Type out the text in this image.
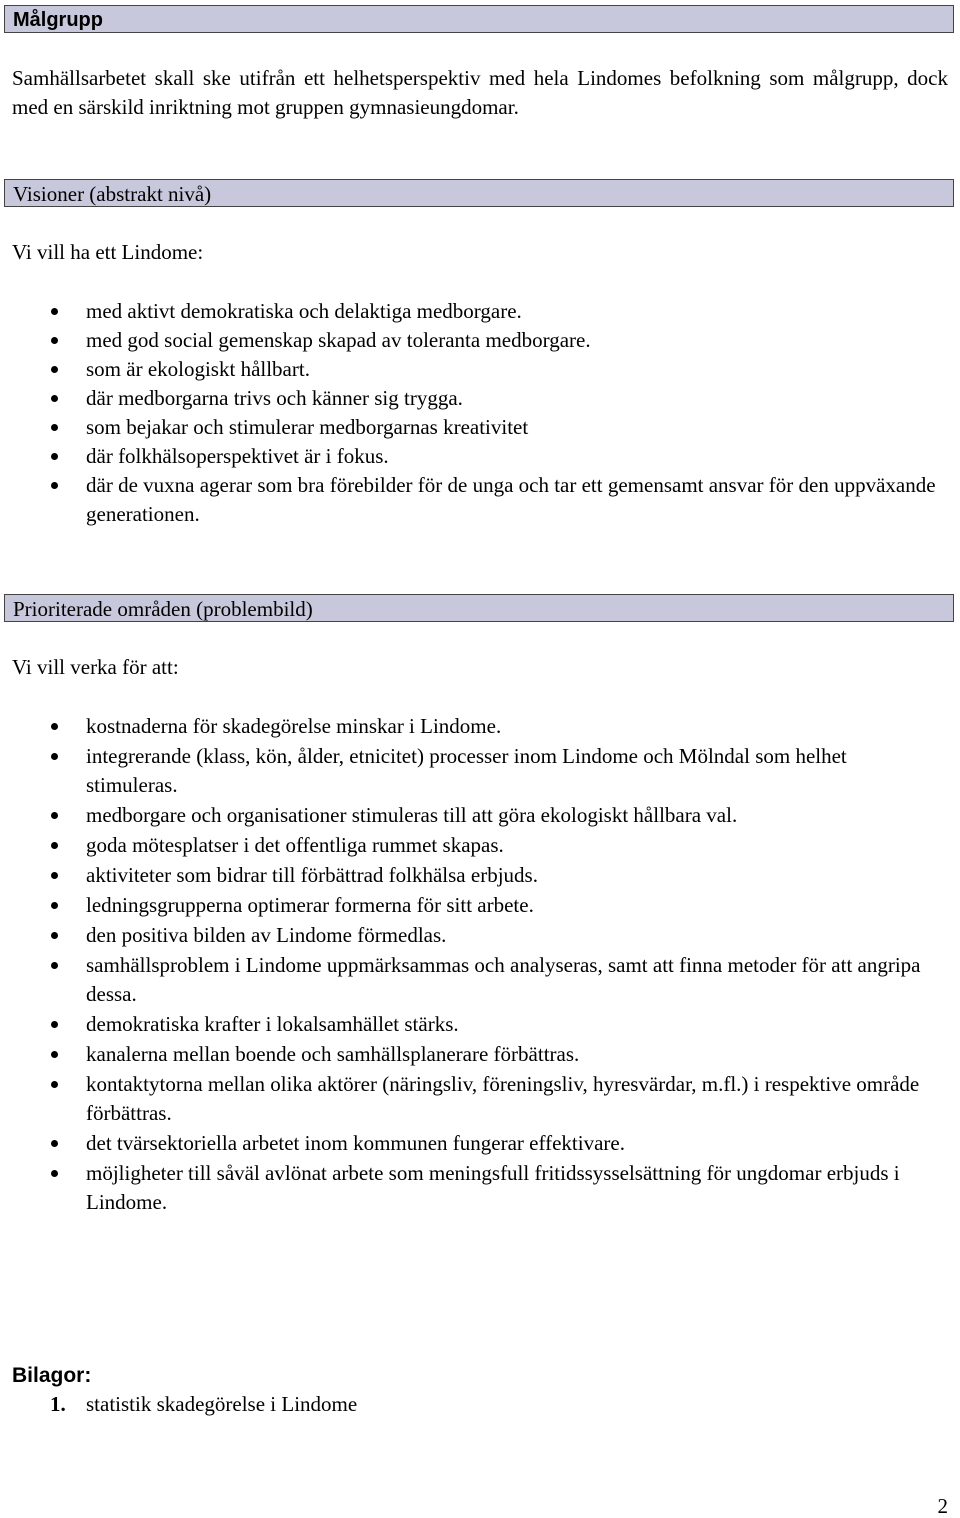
Målgrupp
Samhällsarbetet skall ske utifrån ett helhetsperspektiv med hela Lindomes befolkning som målgrupp, dock med en särskild inriktning mot gruppen gymnasieungdomar.
Visioner (abstrakt nivå)
Vi vill ha ett Lindome:
med aktivt demokratiska och delaktiga medborgare.
med god social gemenskap skapad av toleranta medborgare.
som är ekologiskt hållbart.
där medborgarna trivs och känner sig trygga.
som bejakar och stimulerar medborgarnas kreativitet
där folkhälsoperspektivet är i fokus.
där de vuxna agerar som bra förebilder för de unga och tar ett gemensamt ansvar för den uppväxande generationen.
Prioriterade områden (problembild)
Vi vill verka för att:
kostnaderna för skadegörelse minskar i Lindome.
integrerande (klass, kön, ålder, etnicitet) processer inom Lindome och Mölndal som helhet stimuleras.
medborgare och organisationer stimuleras till att göra ekologiskt hållbara val.
goda mötesplatser i det offentliga rummet skapas.
aktiviteter som bidrar till förbättrad folkhälsa erbjuds.
ledningsgrupperna optimerar formerna för sitt arbete.
den positiva bilden av Lindome förmedlas.
samhällsproblem i Lindome uppmärksammas och analyseras, samt att finna metoder för att angripa dessa.
demokratiska krafter i lokalsamhället stärks.
kanalerna mellan boende och samhällsplanerare förbättras.
kontaktytorna mellan olika aktörer (näringsliv, föreningsliv, hyresvärdar, m.fl.) i respektive område förbättras.
det tvärsektoriella arbetet inom kommunen fungerar effektivare.
möjligheter till såväl avlönat arbete som meningsfull fritidssysselsättning för ungdomar erbjuds i Lindome.
Bilagor:
1. statistik skadegörelse i Lindome
2
